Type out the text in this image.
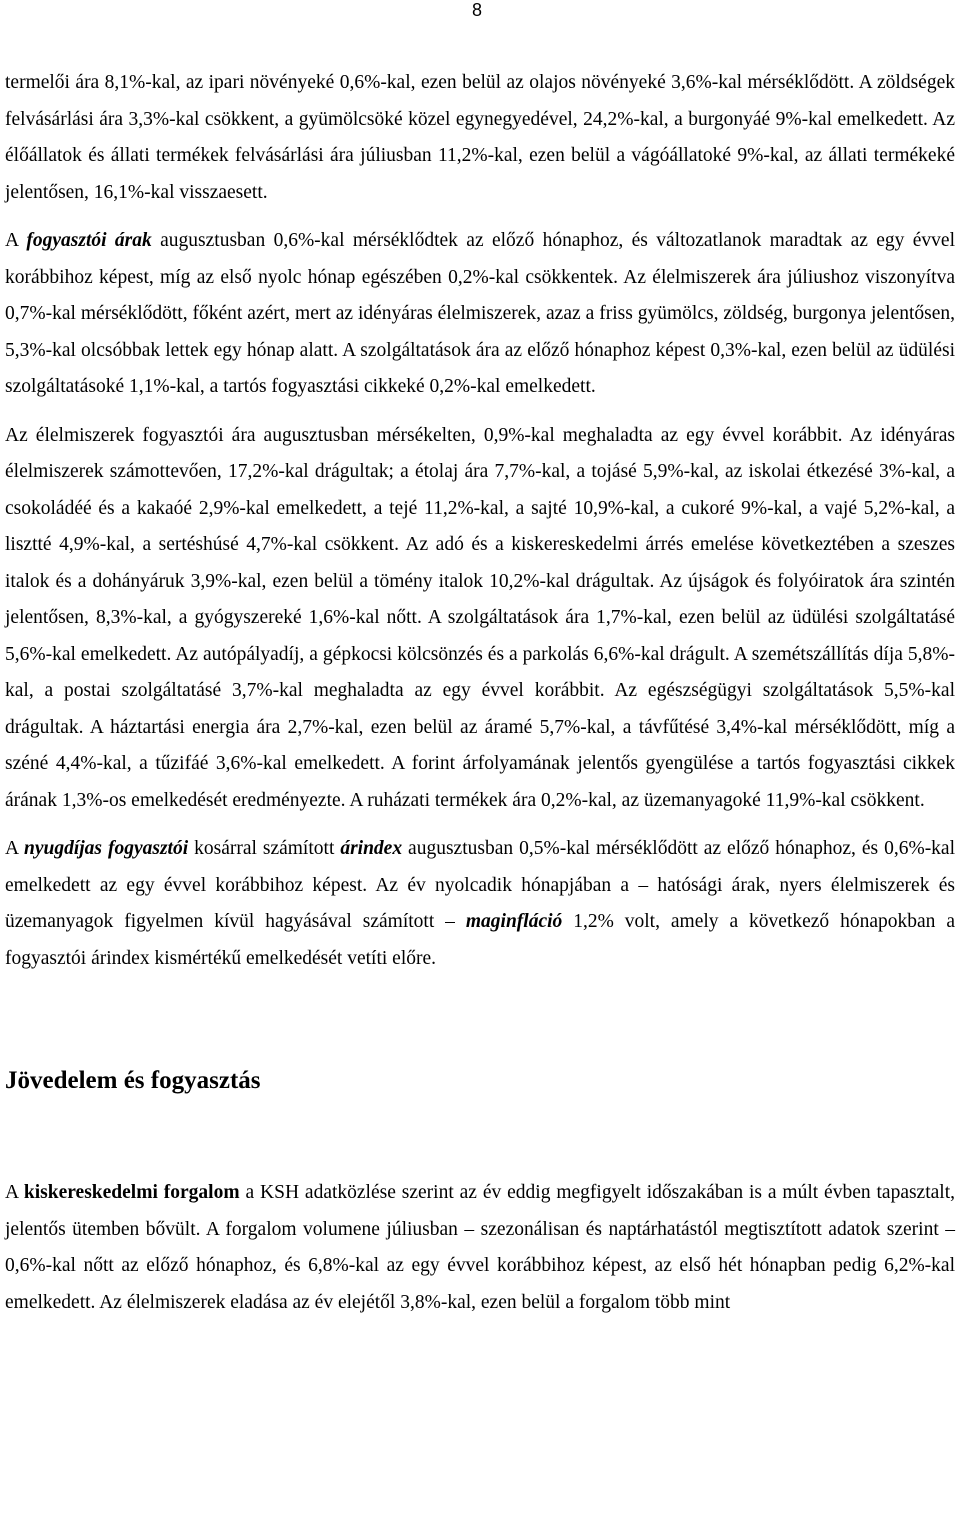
8

termelői ára 8,1%-kal, az ipari növényeké 0,6%-kal, ezen belül az olajos növényeké 3,6%-kal mérséklődött. A zöldségek felvásárlási ára 3,3%-kal csökkent, a gyümölcsöké közel egynegyedével, 24,2%-kal, a burgonyáé 9%-kal emelkedett. Az élőállatok és állati termékek felvásárlási ára júliusban 11,2%-kal, ezen belül a vágóállatoké 9%-kal, az állati termékeké jelentősen, 16,1%-kal visszaesett.

A fogyasztói árak augusztusban 0,6%-kal mérséklődtek az előző hónaphoz, és változatlanok maradtak az egy évvel korábbihoz képest, míg az első nyolc hónap egészében 0,2%-kal csökkentek. Az élelmiszerek ára júliushoz viszonyítva 0,7%-kal mérséklődött, főként azért, mert az idényáras élelmiszerek, azaz a friss gyümölcs, zöldség, burgonya jelentősen, 5,3%-kal olcsóbbak lettek egy hónap alatt. A szolgáltatások ára az előző hónaphoz képest 0,3%-kal, ezen belül az üdülési szolgáltatásoké 1,1%-kal, a tartós fogyasztási cikkeké 0,2%-kal emelkedett.

Az élelmiszerek fogyasztói ára augusztusban mérsékelten, 0,9%-kal meghaladta az egy évvel korábbit. Az idényáras élelmiszerek számottevően, 17,2%-kal drágultak; a étolaj ára 7,7%-kal, a tojásé 5,9%-kal, az iskolai étkezésé 3%-kal, a csokoládéé és a kakaóé 2,9%-kal emelkedett, a tejé 11,2%-kal, a sajté 10,9%-kal, a cukoré 9%-kal, a vajé 5,2%-kal, a lisztté 4,9%-kal, a sertéshúsé 4,7%-kal csökkent. Az adó és a kiskereskedelmi árrés emelése következtében a szeszes italok és a dohányáruk 3,9%-kal, ezen belül a tömény italok 10,2%-kal drágultak. Az újságok és folyóiratok ára szintén jelentősen, 8,3%-kal, a gyógyszereké 1,6%-kal nőtt. A szolgáltatások ára 1,7%-kal, ezen belül az üdülési szolgáltatásé 5,6%-kal emelkedett. Az autópályadíj, a gépkocsi kölcsönzés és a parkolás 6,6%-kal drágult. A szemétszállítás díja 5,8%-kal, a postai szolgáltatásé 3,7%-kal meghaladta az egy évvel korábbit. Az egészségügyi szolgáltatások 5,5%-kal drágultak. A háztartási energia ára 2,7%-kal, ezen belül az áramé 5,7%-kal, a távfűtésé 3,4%-kal mérséklődött, míg a széné 4,4%-kal, a tűzifáé 3,6%-kal emelkedett. A forint árfolyamának jelentős gyengülése a tartós fogyasztási cikkek árának 1,3%-os emelkedését eredményezte. A ruházati termékek ára 0,2%-kal, az üzemanyagoké 11,9%-kal csökkent.

A nyugdíjas fogyasztói kosárral számított árindex augusztusban 0,5%-kal mérséklődött az előző hónaphoz, és 0,6%-kal emelkedett az egy évvel korábbihoz képest. Az év nyolcadik hónapjában a – hatósági árak, nyers élelmiszerek és üzemanyagok figyelmen kívül hagyásával számított – maginfláció 1,2% volt, amely a következő hónapokban a fogyasztói árindex kismértékű emelkedését vetíti előre.

Jövedelem és fogyasztás

A kiskereskedelmi forgalom a KSH adatközlése szerint az év eddig megfigyelt időszakában is a múlt évben tapasztalt, jelentős ütemben bővült. A forgalom volumene júliusban – szezonálisan és naptárhatástól megtisztított adatok szerint – 0,6%-kal nőtt az előző hónaphoz, és 6,8%-kal az egy évvel korábbihoz képest, az első hét hónapban pedig 6,2%-kal emelkedett. Az élelmiszerek eladása az év elejétől 3,8%-kal, ezen belül a forgalom több mint
